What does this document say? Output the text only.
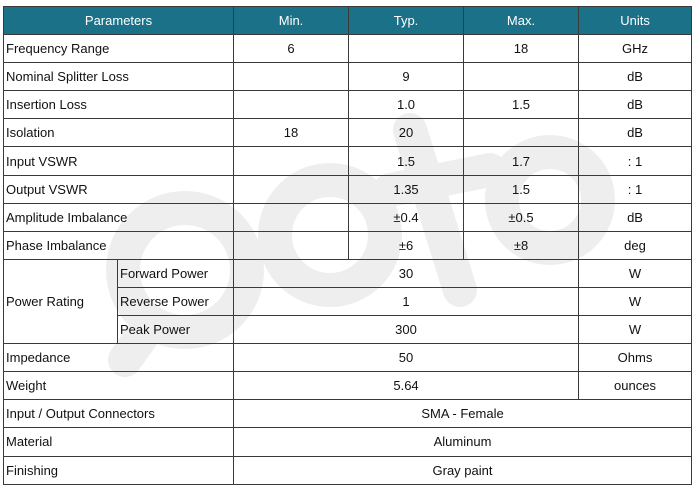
Parameters		Min.	Typ.	Max.	Units
Frequency Range		6		18	GHz
Nominal Splitter Loss			9		dB
Insertion Loss			1.0	1.5	dB
Isolation		18	20		dB
Input VSWR			1.5	1.7	: 1
Output VSWR			1.35	1.5	: 1
Amplitude Imbalance			±0.4	±0.5	dB
Phase Imbalance			±6	±8	deg
Power Rating	Forward Power	30			W
	Reverse Power	1			W
	Peak Power	300			W
Impedance		50			Ohms
Weight		5.64			ounces
Input / Output Connectors		SMA - Female			
Material		Aluminum			
Finishing		Gray paint			
